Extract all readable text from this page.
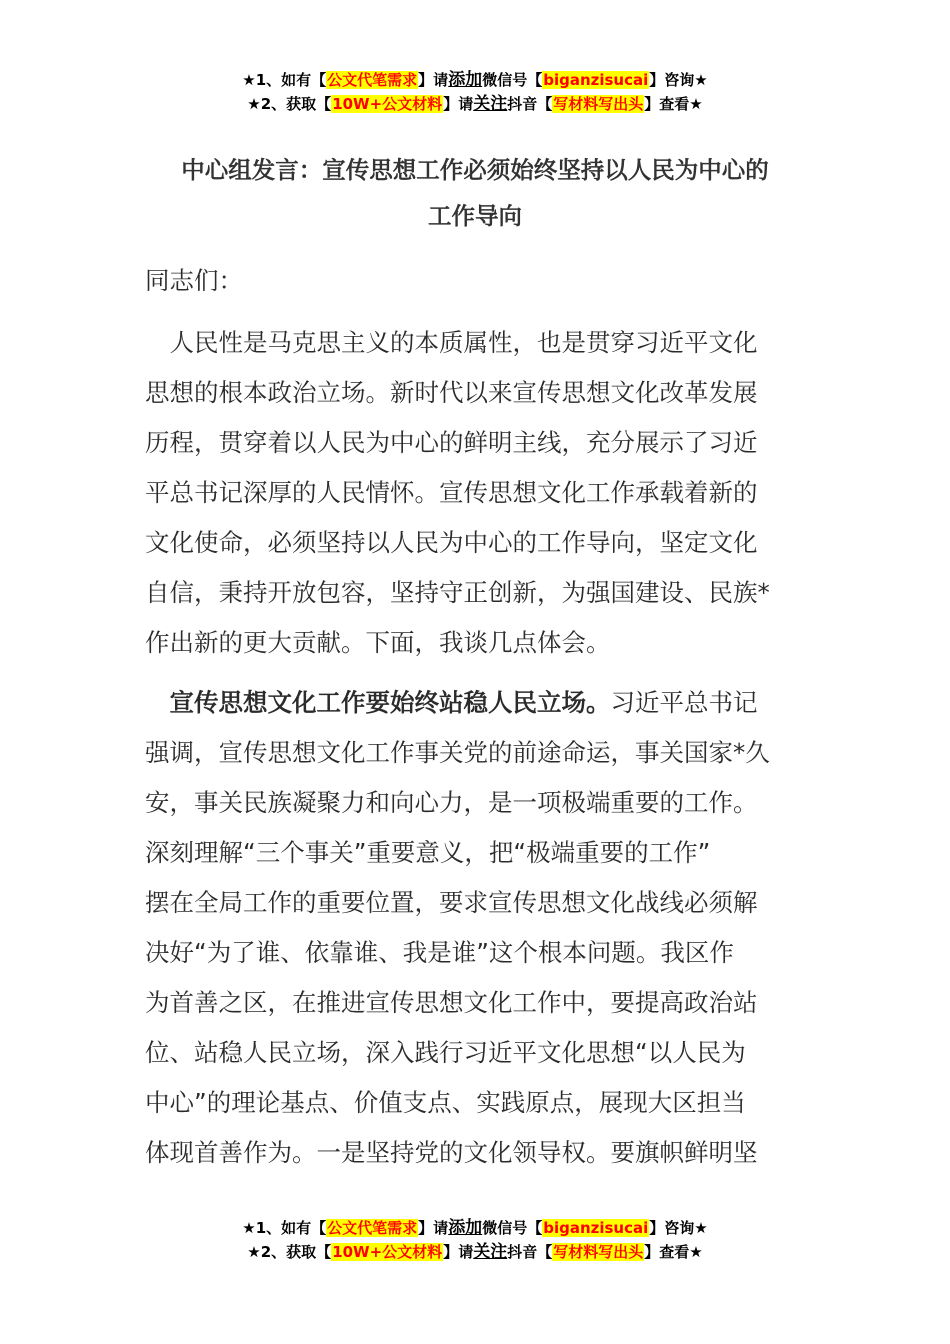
★1、如有【公文代笔需求】请添加微信号【biganzisucai】咨询★
★2、获取【10W+公文材料】请关注抖音【写材料写出头】查看★
中心组发言：宣传思想工作必须始终坚持以人民为中心的
工作导向
同志们：
　人民性是马克思主义的本质属性，也是贯穿习近平文化
思想的根本政治立场。新时代以来宣传思想文化改革发展
历程，贯穿着以人民为中心的鲜明主线，充分展示了习近
平总书记深厚的人民情怀。宣传思想文化工作承载着新的
文化使命，必须坚持以人民为中心的工作导向，坚定文化
自信，秉持开放包容，坚持守正创新，为强国建设、民族*
作出新的更大贡献。下面，我谈几点体会。
　宣传思想文化工作要始终站稳人民立场。习近平总书记
强调，宣传思想文化工作事关党的前途命运，事关国家*久
安，事关民族凝聚力和向心力，是一项极端重要的工作。
深刻理解“三个事关”重要意义，把“极端重要的工作”
摆在全局工作的重要位置，要求宣传思想文化战线必须解
决好“为了谁、依靠谁、我是谁”这个根本问题。我区作
为首善之区，在推进宣传思想文化工作中，要提高政治站
位、站稳人民立场，深入践行习近平文化思想“以人民为
中心”的理论基点、价值支点、实践原点，展现大区担当
体现首善作为。一是坚持党的文化领导权。要旗帜鲜明坚
★1、如有【公文代笔需求】请添加微信号【biganzisucai】咨询★
★2、获取【10W+公文材料】请关注抖音【写材料写出头】查看★
